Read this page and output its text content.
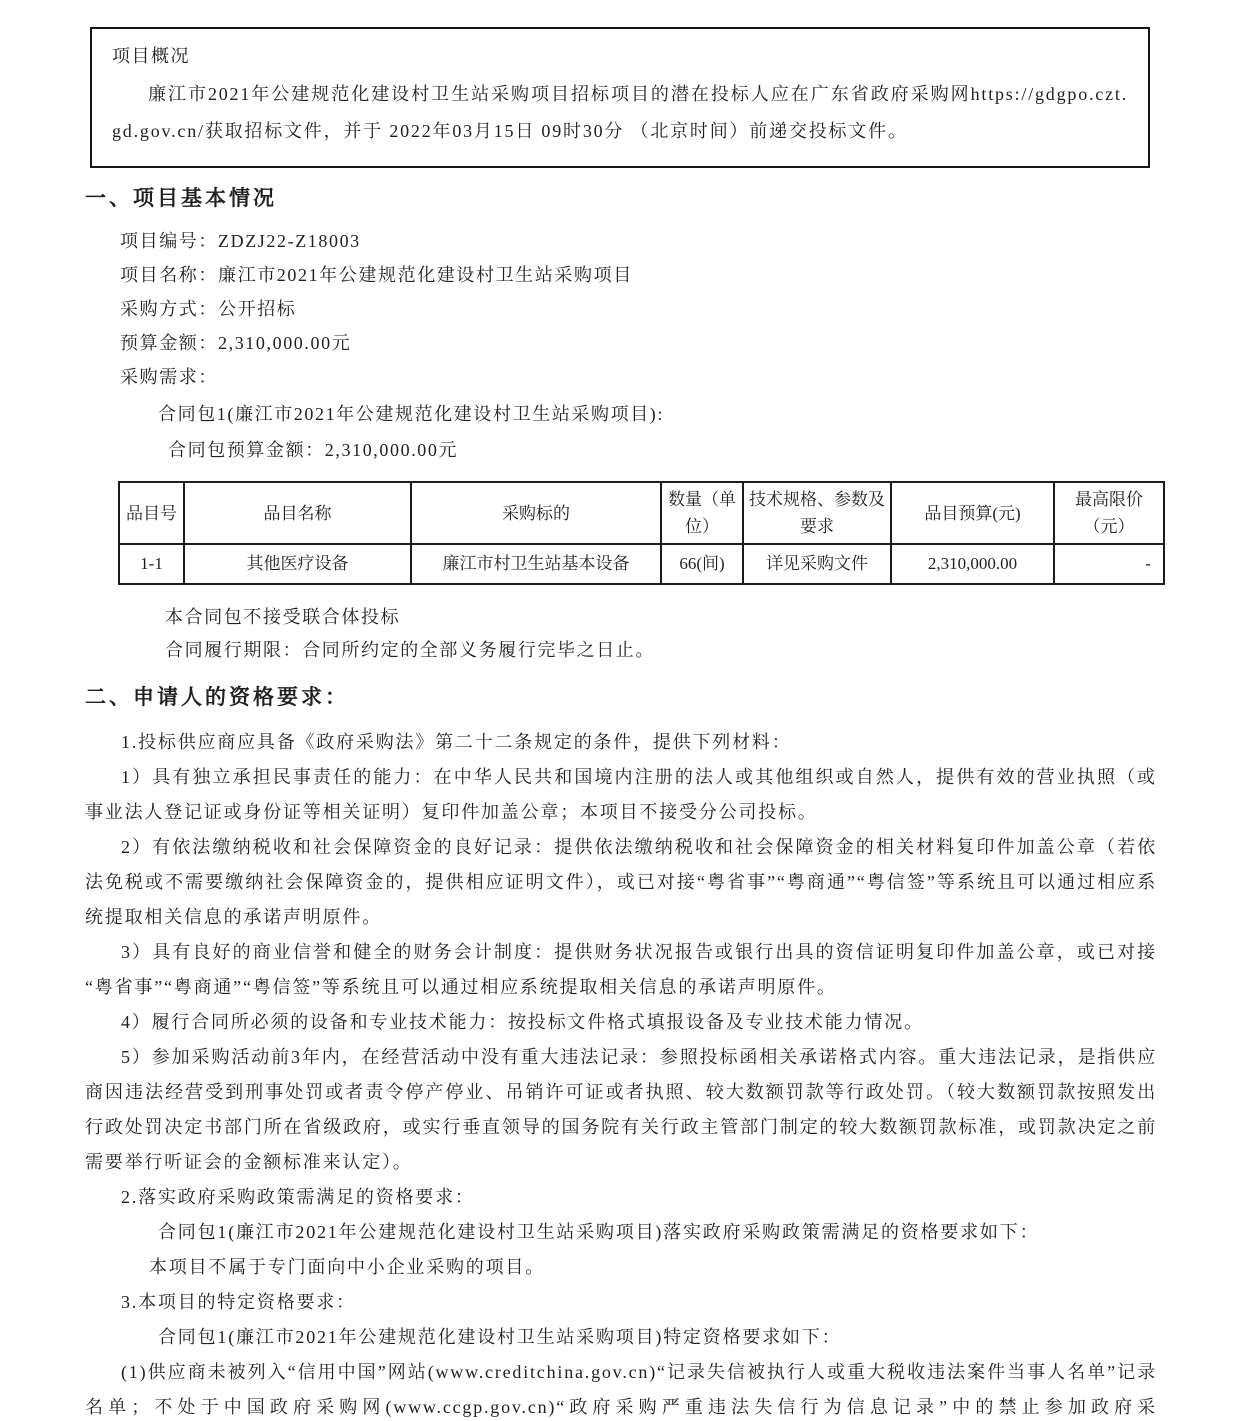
项目概况

廉江市2021年公建规范化建设村卫生站采购项目招标项目的潜在投标人应在广东省政府采购网https://gdgpo.czt.gd.gov.cn/获取招标文件，并于 2022年03月15日 09时30分 （北京时间）前递交投标文件。

一、项目基本情况
项目编号：ZDZJ22-Z18003
项目名称：廉江市2021年公建规范化建设村卫生站采购项目
采购方式：公开招标
预算金额：2,310,000.00元
采购需求：
合同包1(廉江市2021年公建规范化建设村卫生站采购项目):
合同包预算金额：2,310,000.00元
品目号	品目名称	采购标的	数量（单位）	技术规格、参数及要求	品目预算(元)	最高限价（元）
1-1	其他医疗设备	廉江市村卫生站基本设备	66(间)	详见采购文件	2,310,000.00	-
本合同包不接受联合体投标
合同履行期限：合同所约定的全部义务履行完毕之日止。
二、申请人的资格要求：

1.投标供应商应具备《政府采购法》第二十二条规定的条件，提供下列材料：

1）具有独立承担民事责任的能力：在中华人民共和国境内注册的法人或其他组织或自然人，提供有效的营业执照（或事业法人登记证或身份证等相关证明）复印件加盖公章；本项目不接受分公司投标。

2）有依法缴纳税收和社会保障资金的良好记录：提供依法缴纳税收和社会保障资金的相关材料复印件加盖公章（若依法免税或不需要缴纳社会保障资金的，提供相应证明文件），或已对接“粤省事”“粤商通”“粤信签”等系统且可以通过相应系统提取相关信息的承诺声明原件。

3）具有良好的商业信誉和健全的财务会计制度：提供财务状况报告或银行出具的资信证明复印件加盖公章，或已对接“粤省事”“粤商通”“粤信签”等系统且可以通过相应系统提取相关信息的承诺声明原件。

4）履行合同所必须的设备和专业技术能力：按投标文件格式填报设备及专业技术能力情况。

5）参加采购活动前3年内，在经营活动中没有重大违法记录：参照投标函相关承诺格式内容。重大违法记录，是指供应商因违法经营受到刑事处罚或者责令停产停业、吊销许可证或者执照、较大数额罚款等行政处罚。（较大数额罚款按照发出行政处罚决定书部门所在省级政府，或实行垂直领导的国务院有关行政主管部门制定的较大数额罚款标准，或罚款决定之前需要举行听证会的金额标准来认定）。

2.落实政府采购政策需满足的资格要求：

合同包1(廉江市2021年公建规范化建设村卫生站采购项目)落实政府采购政策需满足的资格要求如下：

本项目不属于专门面向中小企业采购的项目。

3.本项目的特定资格要求：

合同包1(廉江市2021年公建规范化建设村卫生站采购项目)特定资格要求如下：

(1)供应商未被列入“信用中国”网站(www.creditchina.gov.cn)“记录失信被执行人或重大税收违法案件当事人名单”记录名单；不处于中国政府采购网(www.ccgp.gov.cn)“政府采购严重违法失信行为信息记录”中的禁止参加政府采
